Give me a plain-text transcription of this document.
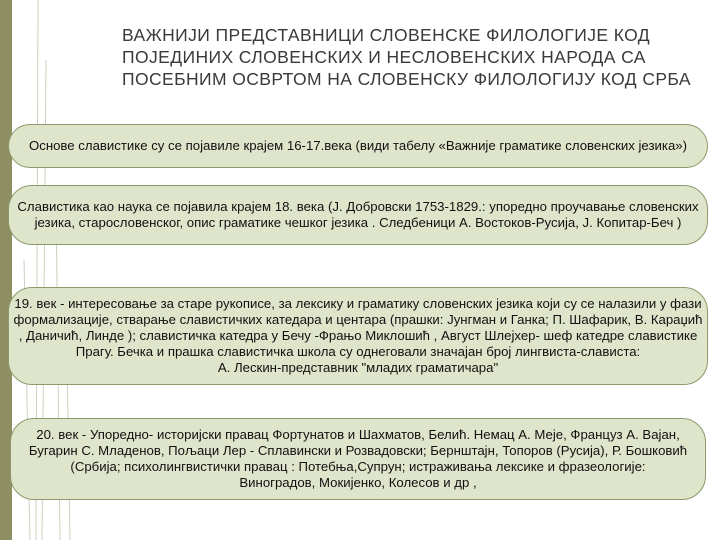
ВАЖНИЈИ ПРЕДСТАВНИЦИ СЛОВЕНСКЕ ФИЛОЛОГИЈЕ КОД
ПОЈЕДИНИХ СЛОВЕНСКИХ И НЕСЛОВЕНСКИХ НАРОДА СА
ПОСЕБНИМ ОСВРТОМ НА СЛОВЕНСКУ ФИЛОЛОГИЈУ КОД СРБА
Основе славистике су се појавиле крајем 16-17.века (види табелу «Важније граматике словенских језика»)
Славистика као наука се појавила крајем 18. века (Ј. Добровски 1753-1829.: упоредно проучавање словенских
језика, старословенског, опис граматике чешког језика . Следбеници А. Востоков-Русија, Ј. Копитар-Беч )
19. век - интересовање за старе рукописе, за лексику и граматику словенских језика који су се налазили у фази
формализације, стварање славистичких катедара и центара (прашки: Јунгман и Ганка; П. Шафарик, В. Караџић
, Даничић, Линде ); славистичка катедра у Бечу -Фрањо Миклошић , Август Шлејхер- шеф катедре славистике
Прагу. Бечка и прашка славистичка школа су однеговали значајан број лингвиста-слависта:
А. Лескин-представник "младих граматичара"
20. век - Упоредно- историјски правац Фортунатов и Шахматов, Белић. Немац А. Меје, Француз А. Вајан,
Бугарин С. Младенов, Пољаци Лер - Сплавински и Розвадовски; Бернштајн, Топоров (Русија), Р. Бошковић
(Србија; психолингвистички правац : Потебња,Супрун; истраживања лексике и фразеологије:
Виноградов, Мокијенко, Колесов и др ,
